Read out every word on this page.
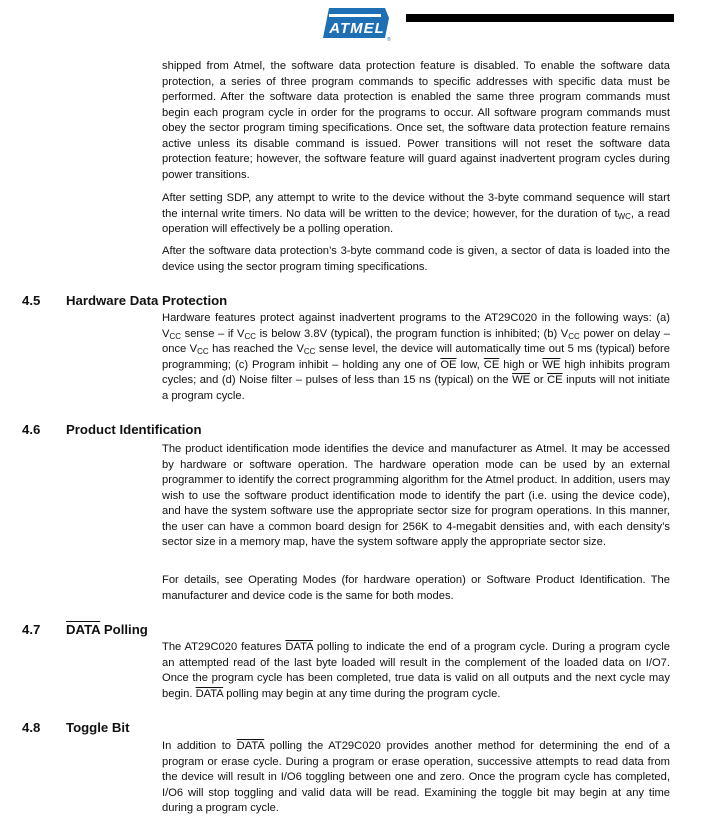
ATMEL
®

shipped from Atmel, the software data protection feature is disabled. To enable the software data protection, a series of three program commands to specific addresses with specific data must be performed. After the software data protection is enabled the same three program commands must begin each program cycle in order for the programs to occur. All software program commands must obey the sector program timing specifications. Once set, the software data protection feature remains active unless its disable command is issued. Power transitions will not reset the software data protection feature; however, the software feature will guard against inadvertent program cycles during power transitions.

After setting SDP, any attempt to write to the device without the 3-byte command sequence will start the internal write timers. No data will be written to the device; however, for the duration of $t_{WC}$, a read operation will effectively be a polling operation.

After the software data protection’s 3-byte command code is given, a sector of data is loaded into the device using the sector program timing specifications.

4.5 Hardware Data Protection

Hardware features protect against inadvertent programs to the AT29C020 in the following ways: (a) $V_{CC}$ sense – if $V_{CC}$ is below 3.8V (typical), the program function is inhibited; (b) $V_{CC}$ power on delay – once $V_{CC}$ has reached the $V_{CC}$ sense level, the device will automatically time out 5 ms (typical) before programming; (c) Program inhibit – holding any one of $\overline{OE}$ low, $\overline{CE}$ high or $\overline{WE}$ high inhibits program cycles; and (d) Noise filter – pulses of less than 15 ns (typical) on the $\overline{WE}$ or $\overline{CE}$ inputs will not initiate a program cycle.

4.6 Product Identification

The product identification mode identifies the device and manufacturer as Atmel. It may be accessed by hardware or software operation. The hardware operation mode can be used by an external programmer to identify the correct programming algorithm for the Atmel product. In addition, users may wish to use the software product identification mode to identify the part (i.e. using the device code), and have the system software use the appropriate sector size for program operations. In this manner, the user can have a common board design for 256K to 4-megabit densities and, with each density’s sector size in a memory map, have the system software apply the appropriate sector size.

For details, see Operating Modes (for hardware operation) or Software Product Identification. The manufacturer and device code is the same for both modes.

4.7 DATA Polling

The AT29C020 features DATA polling to indicate the end of a program cycle. During a program cycle an attempted read of the last byte loaded will result in the complement of the loaded data on I/O7. Once the program cycle has been completed, true data is valid on all outputs and the next cycle may begin. DATA polling may begin at any time during the program cycle.

4.8 Toggle Bit

In addition to DATA polling the AT29C020 provides another method for determining the end of a program or erase cycle. During a program or erase operation, successive attempts to read data from the device will result in I/O6 toggling between one and zero. Once the program cycle has completed, I/O6 will stop toggling and valid data will be read. Examining the toggle bit may begin at any time during a program cycle.
